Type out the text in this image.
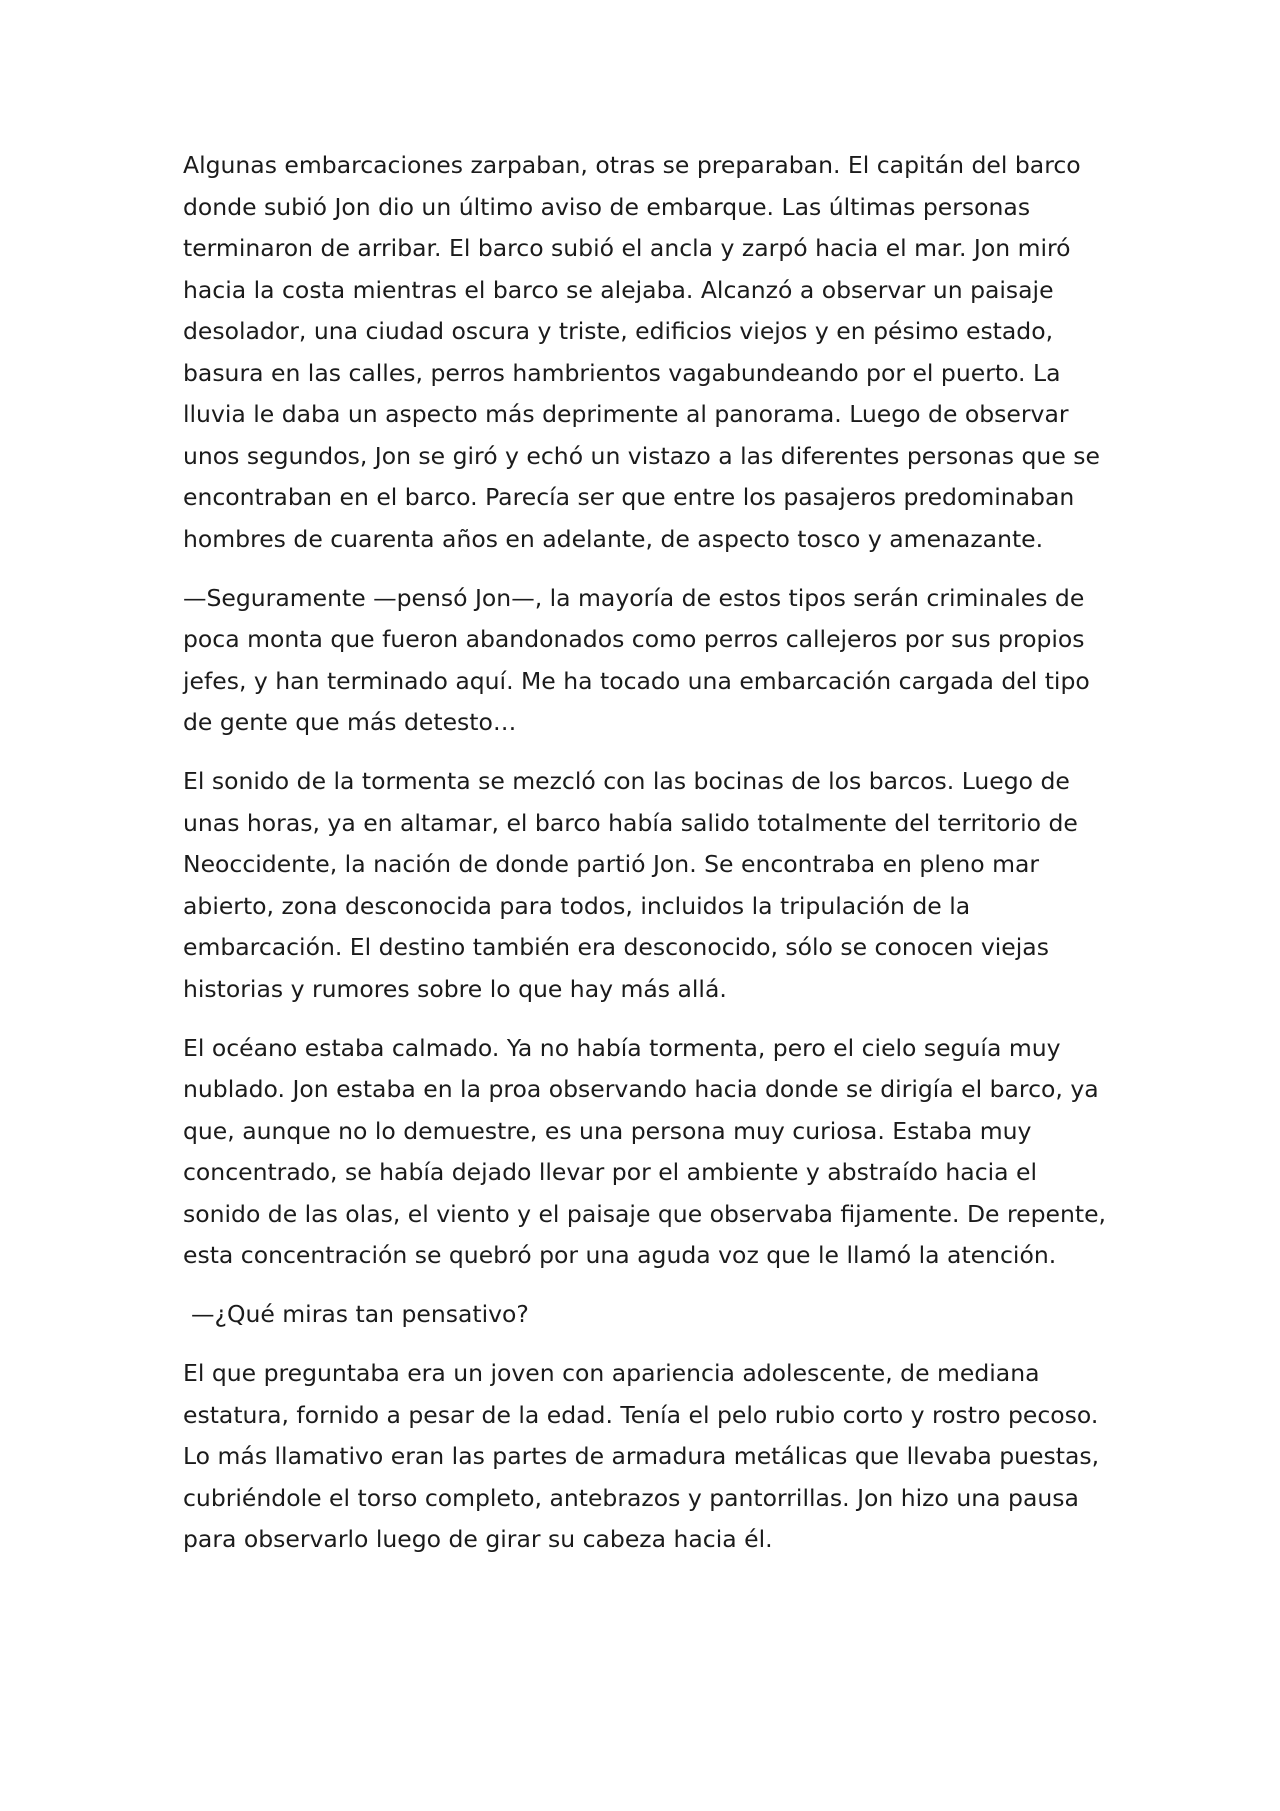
Algunas embarcaciones zarpaban, otras se preparaban. El capitán del barco donde subió Jon dio un último aviso de embarque. Las últimas personas terminaron de arribar. El barco subió el ancla y zarpó hacia el mar. Jon miró hacia la costa mientras el barco se alejaba. Alcanzó a observar un paisaje desolador, una ciudad oscura y triste, edificios viejos y en pésimo estado, basura en las calles, perros hambrientos vagabundeando por el puerto. La lluvia le daba un aspecto más deprimente al panorama. Luego de observar unos segundos, Jon se giró y echó un vistazo a las diferentes personas que se encontraban en el barco. Parecía ser que entre los pasajeros predominaban hombres de cuarenta años en adelante, de aspecto tosco y amenazante.

—Seguramente —pensó Jon—, la mayoría de estos tipos serán criminales de poca monta que fueron abandonados como perros callejeros por sus propios jefes, y han terminado aquí. Me ha tocado una embarcación cargada del tipo de gente que más detesto…

El sonido de la tormenta se mezcló con las bocinas de los barcos. Luego de unas horas, ya en altamar, el barco había salido totalmente del territorio de Neoccidente, la nación de donde partió Jon. Se encontraba en pleno mar abierto, zona desconocida para todos, incluidos la tripulación de la embarcación. El destino también era desconocido, sólo se conocen viejas historias y rumores sobre lo que hay más allá.

El océano estaba calmado. Ya no había tormenta, pero el cielo seguía muy nublado. Jon estaba en la proa observando hacia donde se dirigía el barco, ya que, aunque no lo demuestre, es una persona muy curiosa. Estaba muy concentrado, se había dejado llevar por el ambiente y abstraído hacia el sonido de las olas, el viento y el paisaje que observaba fijamente. De repente, esta concentración se quebró por una aguda voz que le llamó la atención.

—¿Qué miras tan pensativo?

El que preguntaba era un joven con apariencia adolescente, de mediana estatura, fornido a pesar de la edad. Tenía el pelo rubio corto y rostro pecoso. Lo más llamativo eran las partes de armadura metálicas que llevaba puestas, cubriéndole el torso completo, antebrazos y pantorrillas. Jon hizo una pausa para observarlo luego de girar su cabeza hacia él.
